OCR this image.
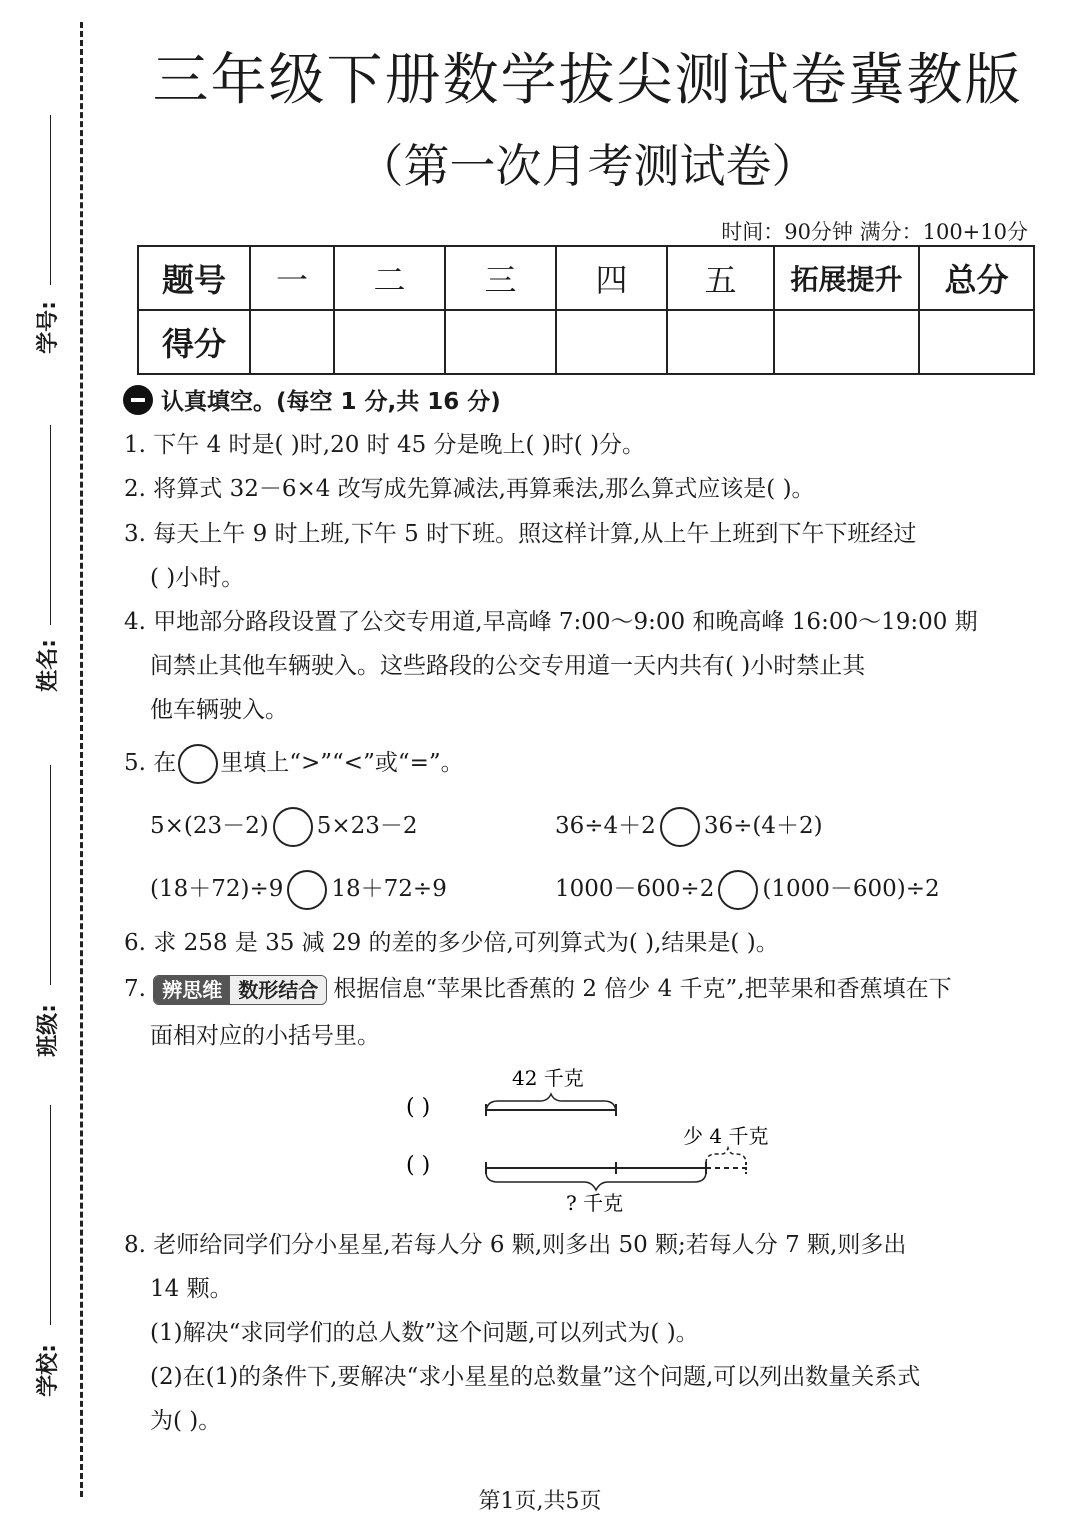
学号:
姓名:
班级:
学校:
三年级下册数学拔尖测试卷冀教版
（第一次月考测试卷）
时间：90分钟 满分：100+10分
题号	一	二	三	四	五	拓展提升	总分
得分							
认真填空。(每空 1 分,共 16 分)
1. 下午 4 时是( )时,20 时 45 分是晚上( )时( )分。
2. 将算式 32－6×4 改写成先算减法,再算乘法,那么算式应该是( )。
3. 每天上午 9 时上班,下午 5 时下班。照这样计算,从上午上班到下午下班经过
( )小时。
4. 甲地部分路段设置了公交专用道,早高峰 7:00～9:00 和晚高峰 16:00～19:00 期
间禁止其他车辆驶入。这些路段的公交专用道一天内共有( )小时禁止其
他车辆驶入。
5. 在 里填上“>”“<”或“=”。
5×(23－2) 5×23－2	36÷4＋2 36÷(4＋2)
(18＋72)÷9 18＋72÷9	1000－600÷2 (1000－600)÷2
6. 求 258 是 35 减 29 的差的多少倍,可列算式为( ),结果是( )。
7. 辨思维 数形结合 根据信息“苹果比香蕉的 2 倍少 4 千克”,把苹果和香蕉填在下
面相对应的小括号里。
42 千克
( )
少 4 千克
( )
? 千克
8. 老师给同学们分小星星,若每人分 6 颗,则多出 50 颗;若每人分 7 颗,则多出
14 颗。
(1)解决“求同学们的总人数”这个问题,可以列式为( )。
(2)在(1)的条件下,要解决“求小星星的总数量”这个问题,可以列出数量关系式
为( )。
第1页,共5页
